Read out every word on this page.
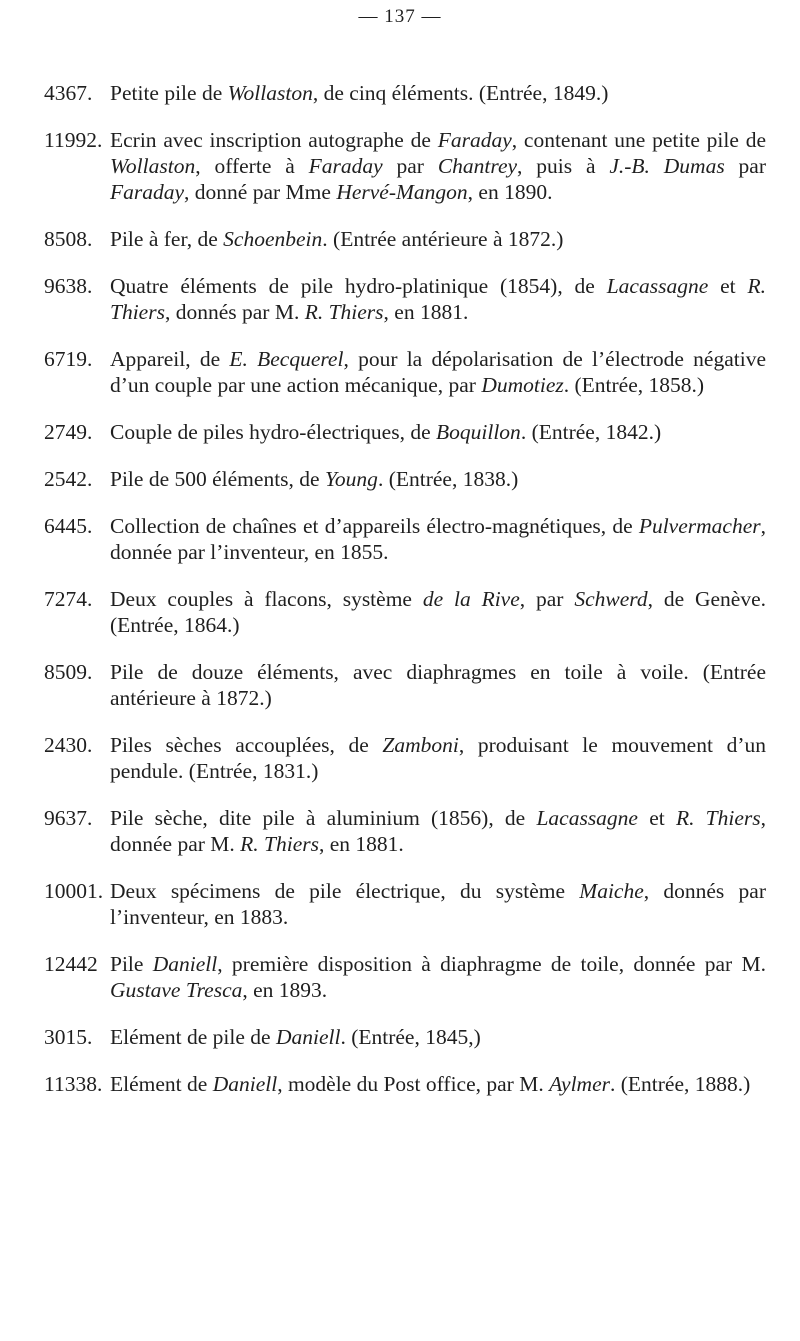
— 137 —
4367. Petite pile de Wollaston, de cinq éléments. (Entrée, 1849.)
11992. Ecrin avec inscription autographe de Faraday, contenant une petite pile de Wollaston, offerte à Faraday par Chantrey, puis à J.-B. Dumas par Faraday, donné par Mme Hervé-Mangon, en 1890.
8508. Pile à fer, de Schoenbein. (Entrée antérieure à 1872.)
9638. Quatre éléments de pile hydro-platinique (1854), de Lacassagne et R. Thiers, donnés par M. R. Thiers, en 1881.
6719. Appareil, de E. Becquerel, pour la dépolarisation de l’électrode négative d’un couple par une action mécanique, par Dumotiez. (Entrée, 1858.)
2749. Couple de piles hydro-électriques, de Boquillon. (Entrée, 1842.)
2542. Pile de 500 éléments, de Young. (Entrée, 1838.)
6445. Collection de chaînes et d’appareils électro-magnétiques, de Pulvermacher, donnée par l’inventeur, en 1855.
7274. Deux couples à flacons, système de la Rive, par Schwerd, de Genève. (Entrée, 1864.)
8509. Pile de douze éléments, avec diaphragmes en toile à voile. (Entrée antérieure à 1872.)
2430. Piles sèches accouplées, de Zamboni, produisant le mouvement d’un pendule. (Entrée, 1831.)
9637. Pile sèche, dite pile à aluminium (1856), de Lacassagne et R. Thiers, donnée par M. R. Thiers, en 1881.
10001. Deux spécimens de pile électrique, du système Maiche, donnés par l’inventeur, en 1883.
12442 Pile Daniell, première disposition à diaphragme de toile, donnée par M. Gustave Tresca, en 1893.
3015. Elément de pile de Daniell. (Entrée, 1845,)
11338. Elément de Daniell, modèle du Post office, par M. Aylmer. (Entrée, 1888.)
